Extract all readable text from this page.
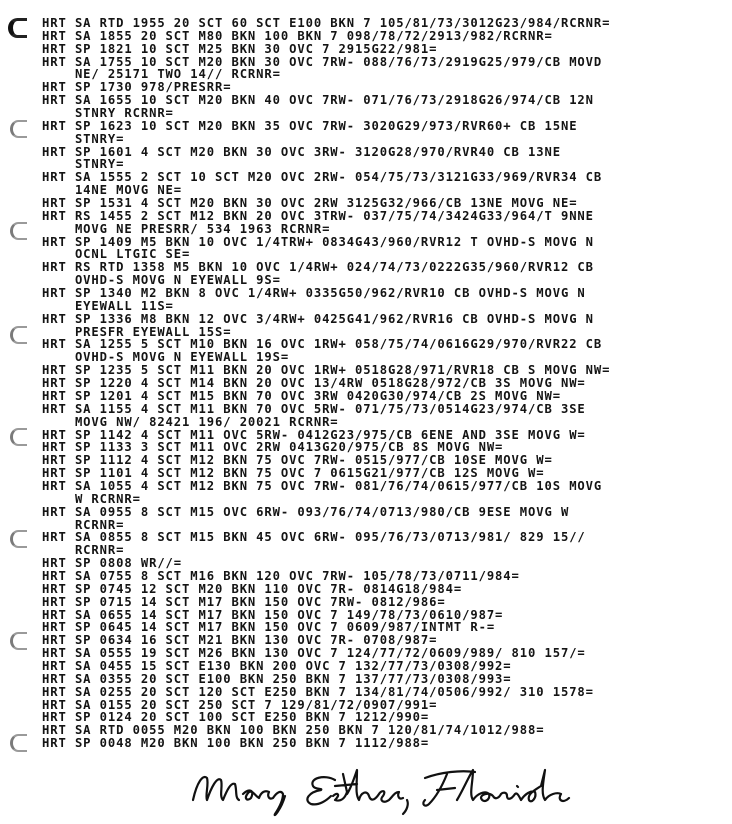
HRT SA RTD 1955 20 SCT 60 SCT E100 BKN 7 105/81/73/3012G23/984/RCRNR=
HRT SA 1855 20 SCT M80 BKN 100 BKN 7 098/78/72/2913/982/RCRNR=
HRT SP 1821 10 SCT M25 BKN 30 OVC 7 2915G22/981=
HRT SA 1755 10 SCT M20 BKN 30 OVC 7RW- 088/76/73/2919G25/979/CB MOVD
NE/ 25171 TWO 14// RCRNR=
HRT SP 1730 978/PRESRR=
HRT SA 1655 10 SCT M20 BKN 40 OVC 7RW- 071/76/73/2918G26/974/CB 12N
STNRY RCRNR=
HRT SP 1623 10 SCT M20 BKN 35 OVC 7RW- 3020G29/973/RVR60+ CB 15NE
STNRY=
HRT SP 1601 4 SCT M20 BKN 30 OVC 3RW- 3120G28/970/RVR40 CB 13NE
STNRY=
HRT SA 1555 2 SCT 10 SCT M20 OVC 2RW- 054/75/73/3121G33/969/RVR34 CB
14NE MOVG NE=
HRT SP 1531 4 SCT M20 BKN 30 OVC 2RW 3125G32/966/CB 13NE MOVG NE=
HRT RS 1455 2 SCT M12 BKN 20 OVC 3TRW- 037/75/74/3424G33/964/T 9NNE
MOVG NE PRESRR/ 534 1963 RCRNR=
HRT SP 1409 M5 BKN 10 OVC 1/4TRW+ 0834G43/960/RVR12 T OVHD-S MOVG N
OCNL LTGIC SE=
HRT RS RTD 1358 M5 BKN 10 OVC 1/4RW+ 024/74/73/0222G35/960/RVR12 CB
OVHD-S MOVG N EYEWALL 9S=
HRT SP 1340 M2 BKN 8 OVC 1/4RW+ 0335G50/962/RVR10 CB OVHD-S MOVG N
EYEWALL 11S=
HRT SP 1336 M8 BKN 12 OVC 3/4RW+ 0425G41/962/RVR16 CB OVHD-S MOVG N
PRESFR EYEWALL 15S=
HRT SA 1255 5 SCT M10 BKN 16 OVC 1RW+ 058/75/74/0616G29/970/RVR22 CB
OVHD-S MOVG N EYEWALL 19S=
HRT SP 1235 5 SCT M11 BKN 20 OVC 1RW+ 0518G28/971/RVR18 CB S MOVG NW=
HRT SP 1220 4 SCT M14 BKN 20 OVC 13/4RW 0518G28/972/CB 3S MOVG NW=
HRT SP 1201 4 SCT M15 BKN 70 OVC 3RW 0420G30/974/CB 2S MOVG NW=
HRT SA 1155 4 SCT M11 BKN 70 OVC 5RW- 071/75/73/0514G23/974/CB 3SE
MOVG NW/ 82421 196/ 20021 RCRNR=
HRT SP 1142 4 SCT M11 OVC 5RW- 0412G23/975/CB 6ENE AND 3SE MOVG W=
HRT SP 1133 3 SCT M11 OVC 2RW 0413G20/975/CB 8S MOVG NW=
HRT SP 1112 4 SCT M12 BKN 75 OVC 7RW- 0515/977/CB 10SE MOVG W=
HRT SP 1101 4 SCT M12 BKN 75 OVC 7 0615G21/977/CB 12S MOVG W=
HRT SA 1055 4 SCT M12 BKN 75 OVC 7RW- 081/76/74/0615/977/CB 10S MOVG
W RCRNR=
HRT SA 0955 8 SCT M15 OVC 6RW- 093/76/74/0713/980/CB 9ESE MOVG W
RCRNR=
HRT SA 0855 8 SCT M15 BKN 45 OVC 6RW- 095/76/73/0713/981/ 829 15//
RCRNR=
HRT SP 0808 WR//=
HRT SA 0755 8 SCT M16 BKN 120 OVC 7RW- 105/78/73/0711/984=
HRT SP 0745 12 SCT M20 BKN 110 OVC 7R- 0814G18/984=
HRT SP 0715 14 SCT M17 BKN 150 OVC 7RW- 0812/986=
HRT SA 0655 14 SCT M17 BKN 150 OVC 7 149/78/73/0610/987=
HRT SP 0645 14 SCT M17 BKN 150 OVC 7 0609/987/INTMT R-=
HRT SP 0634 16 SCT M21 BKN 130 OVC 7R- 0708/987=
HRT SA 0555 19 SCT M26 BKN 130 OVC 7 124/77/72/0609/989/ 810 157/=
HRT SA 0455 15 SCT E130 BKN 200 OVC 7 132/77/73/0308/992=
HRT SA 0355 20 SCT E100 BKN 250 BKN 7 137/77/73/0308/993=
HRT SA 0255 20 SCT 120 SCT E250 BKN 7 134/81/74/0506/992/ 310 1578=
HRT SA 0155 20 SCT 250 SCT 7 129/81/72/0907/991=
HRT SP 0124 20 SCT 100 SCT E250 BKN 7 1212/990=
HRT SA RTD 0055 M20 BKN 100 BKN 250 BKN 7 120/81/74/1012/988=
HRT SP 0048 M20 BKN 100 BKN 250 BKN 7 1112/988=
